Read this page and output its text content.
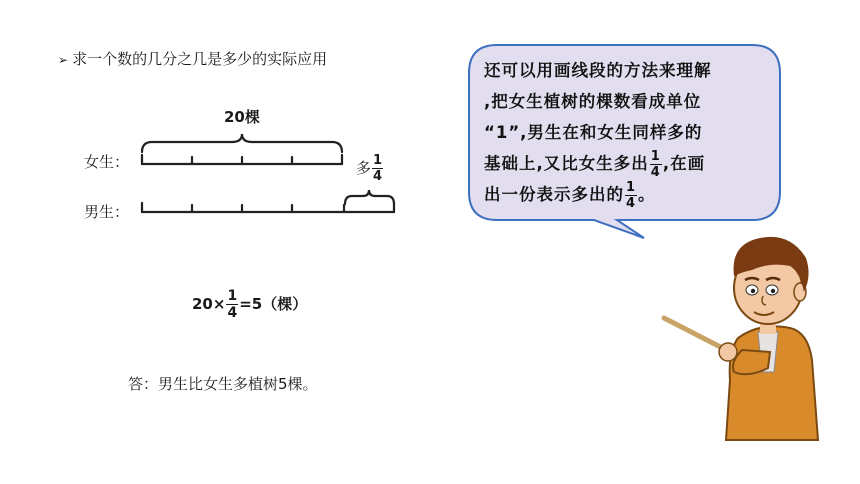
➢ 求一个数的几分之几是多少的实际应用
20棵
女生：
男生：
多 $\frac{1}{4}$
还可以用画线段的方法来理解
,把女生植树的棵数看成单位
“1”,男生在和女生同样多的
基础上,又比女生多出 $\frac{1}{4}$ ,在画
出一份表示多出的 $\frac{1}{4}$ 。
$20\times \frac{1}{4} =5$（棵）
答：男生比女生多植树5棵。
